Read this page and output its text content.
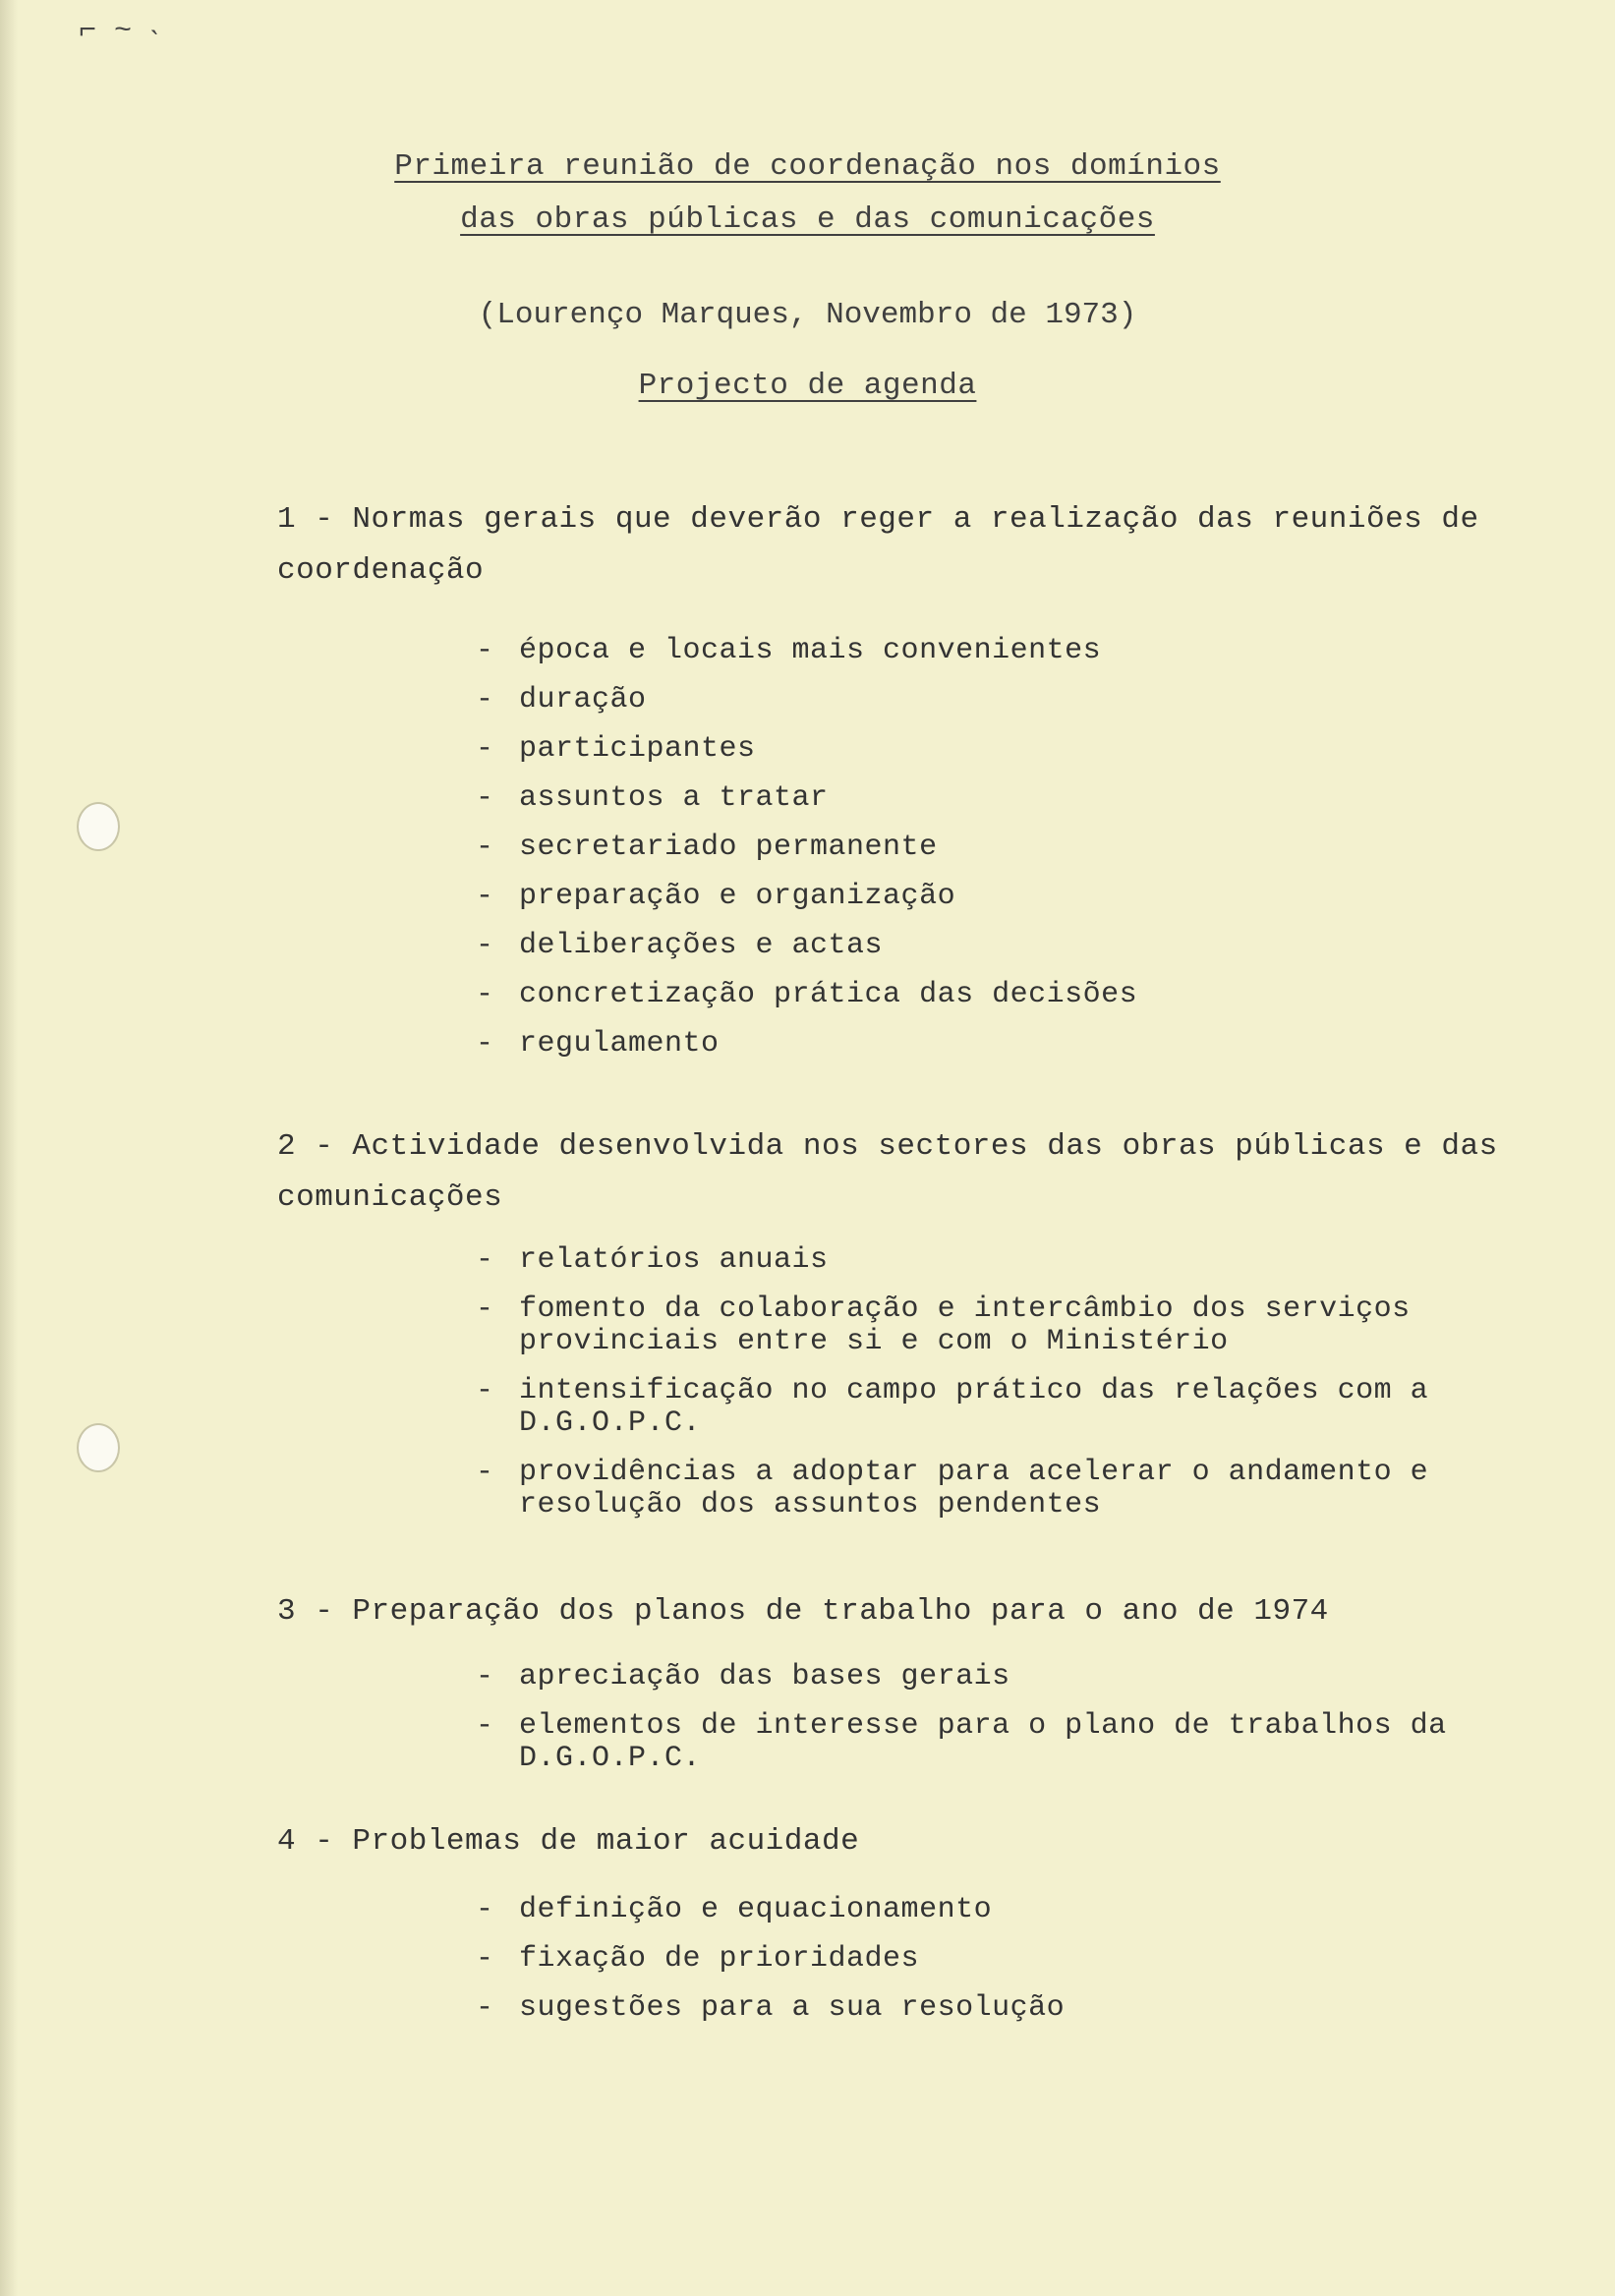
⌐ ~ ˴
Primeira reunião de coordenação nos domínios
das obras públicas e das comunicações
(Lourenço Marques, Novembro de 1973)
Projecto de agenda
1 - Normas gerais que deverão reger a realização das reuniões de coordenação
- época e locais mais convenientes
- duração
- participantes
- assuntos a tratar
- secretariado permanente
- preparação e organização
- deliberações e actas
- concretização prática das decisões
- regulamento
2 - Actividade desenvolvida nos sectores das obras públicas e das comunicações
- relatórios anuais
- fomento da colaboração e intercâmbio dos serviços provinciais entre si e com o Ministério
- intensificação no campo prático das relações com a D.G.O.P.C.
- providências a adoptar para acelerar o andamento e resolução dos assuntos pendentes
3 - Preparação dos planos de trabalho para o ano de 1974
- apreciação das bases gerais
- elementos de interesse para o plano de trabalhos da D.G.O.P.C.
4 - Problemas de maior acuidade
- definição e equacionamento
- fixação de prioridades
- sugestões para a sua resolução
